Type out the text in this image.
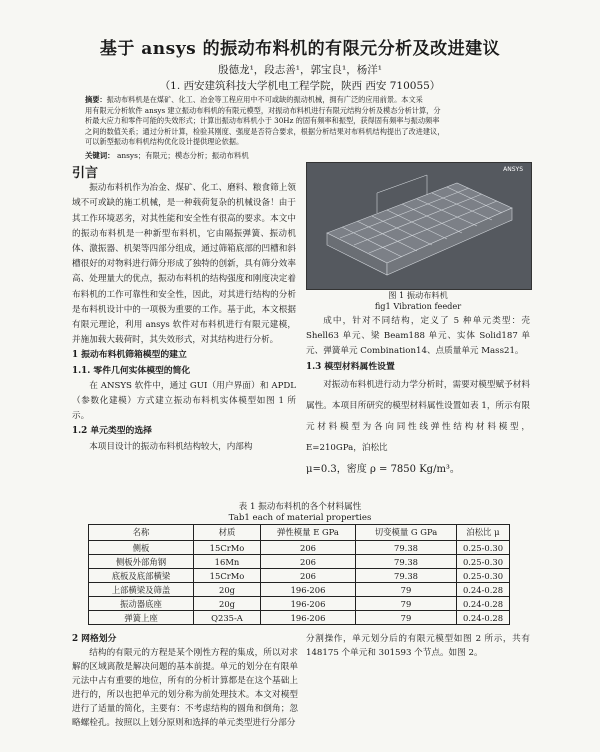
基于 ansys 的振动布料机的有限元分析及改进建议
殷德龙¹，段志善¹，郭宝良¹，杨洋¹
（1. 西安建筑科技大学机电工程学院，陕西 西安 710055）
摘要：振动布料机是在煤矿、化工、冶金等工程应用中不可或缺的振动机械，拥有广泛的应用前景。本文采
用有限元分析软件 ansys 建立振动布料机的有限元模型，对振动布料机进行有限元结构分析及模态分析计算，分
析最大应力和零件可能的失效形式；计算出振动布料机小于 30Hz 的固有频率和振型，获得固有频率与振动频率
之间的数值关系；通过分析计算，检验其刚度、强度是否符合要求，根据分析结果对布料机结构提出了改进建议，
可以新型振动布料机结构优化设计提供理论依据。
关键词： ansys；有限元；模态分析；振动布料机
引言

振动布料机作为冶金、煤矿、化工、磨料、粮食筛上领域不可或缺的施工机械，是一种载荷复杂的机械设备！由于其工作环境恶劣，对其性能和安全性有很高的要求。本文中的振动布料机是一种新型布料机，它由隔振弹簧、振动机体、激振器、机架等四部分组成，通过筛箱底部的凹槽和斜槽很好的对物料进行筛分形成了独特的创新，具有筛分效率高、处理量大的优点，振动布料机的结构强度和刚度决定着布料机的工作可靠性和安全性，因此，对其进行结构的分析是布料机设计中的一项极为重要的工作。基于此，本文根据有限元理论，利用 ansys 软件对布料机进行有限元建模，并施加载大载荷时，其失效形式，对其结构进行分析。

1 振动布料机筛箱模型的建立
1.1. 零件几何实体模型的简化

在 ANSYS 软件中，通过 GUI（用户界面）和 APDL（参数化建模）方式建立振动布料机实体模型如图 1 所示。

1.2 单元类型的选择

本项目设计的振动布料机结构较大，内部构

ANSYS
图 1 振动布料机
fig1 Vibration feeder

成中，针对不同结构，定义了 5 种单元类型：壳 Shell63 单元、梁 Beam188 单元、实体 Solid187 单元、弹簧单元 Combination14、点质量单元 Mass21。

1.3 模型材料属性设置

对振动布料机进行动力学分析时，需要对模型赋予材料属性。本项目所研究的模型材料属性设置如表 1，所示有限元材料模型为各向同性线弹性结构材料模型，E=210GPa，泊松比

μ=0.3，密度 ρ = 7850 Kg/m³。

表 1 振动布料机的各个材料属性
Tab1 each of material properties
名称	材质	弹性模量 E GPa	切变模量 G GPa	泊松比 μ
侧板	15CrMo	206	79.38	0.25-0.30
侧板外部角钢	16Mn	206	79.38	0.25-0.30
底板及底部横梁	15CrMo	206	79.38	0.25-0.30
上部横梁及筛盖	20g	196-206	79	0.24-0.28
振动器底座	20g	196-206	79	0.24-0.28
弹簧上座	Q235-A	196-206	79	0.24-0.28
2 网格划分

结构的有限元的方程是某个刚性方程的集成，所以对求解的区域离散是解决问题的基本前提。单元的划分在有限单元法中占有重要的地位，所有的分析计算都是在这个基础上进行的，所以也把单元的划分称为前处理技术。本文对模型进行了适量的简化，主要有：不考虑结构的圆角和倒角；忽略螺栓孔。按照以上划分原则和选择的单元类型进行分部分

分割操作，单元划分后的有限元模型如图 2 所示，共有 148175 个单元和 301593 个节点。如图 2。
